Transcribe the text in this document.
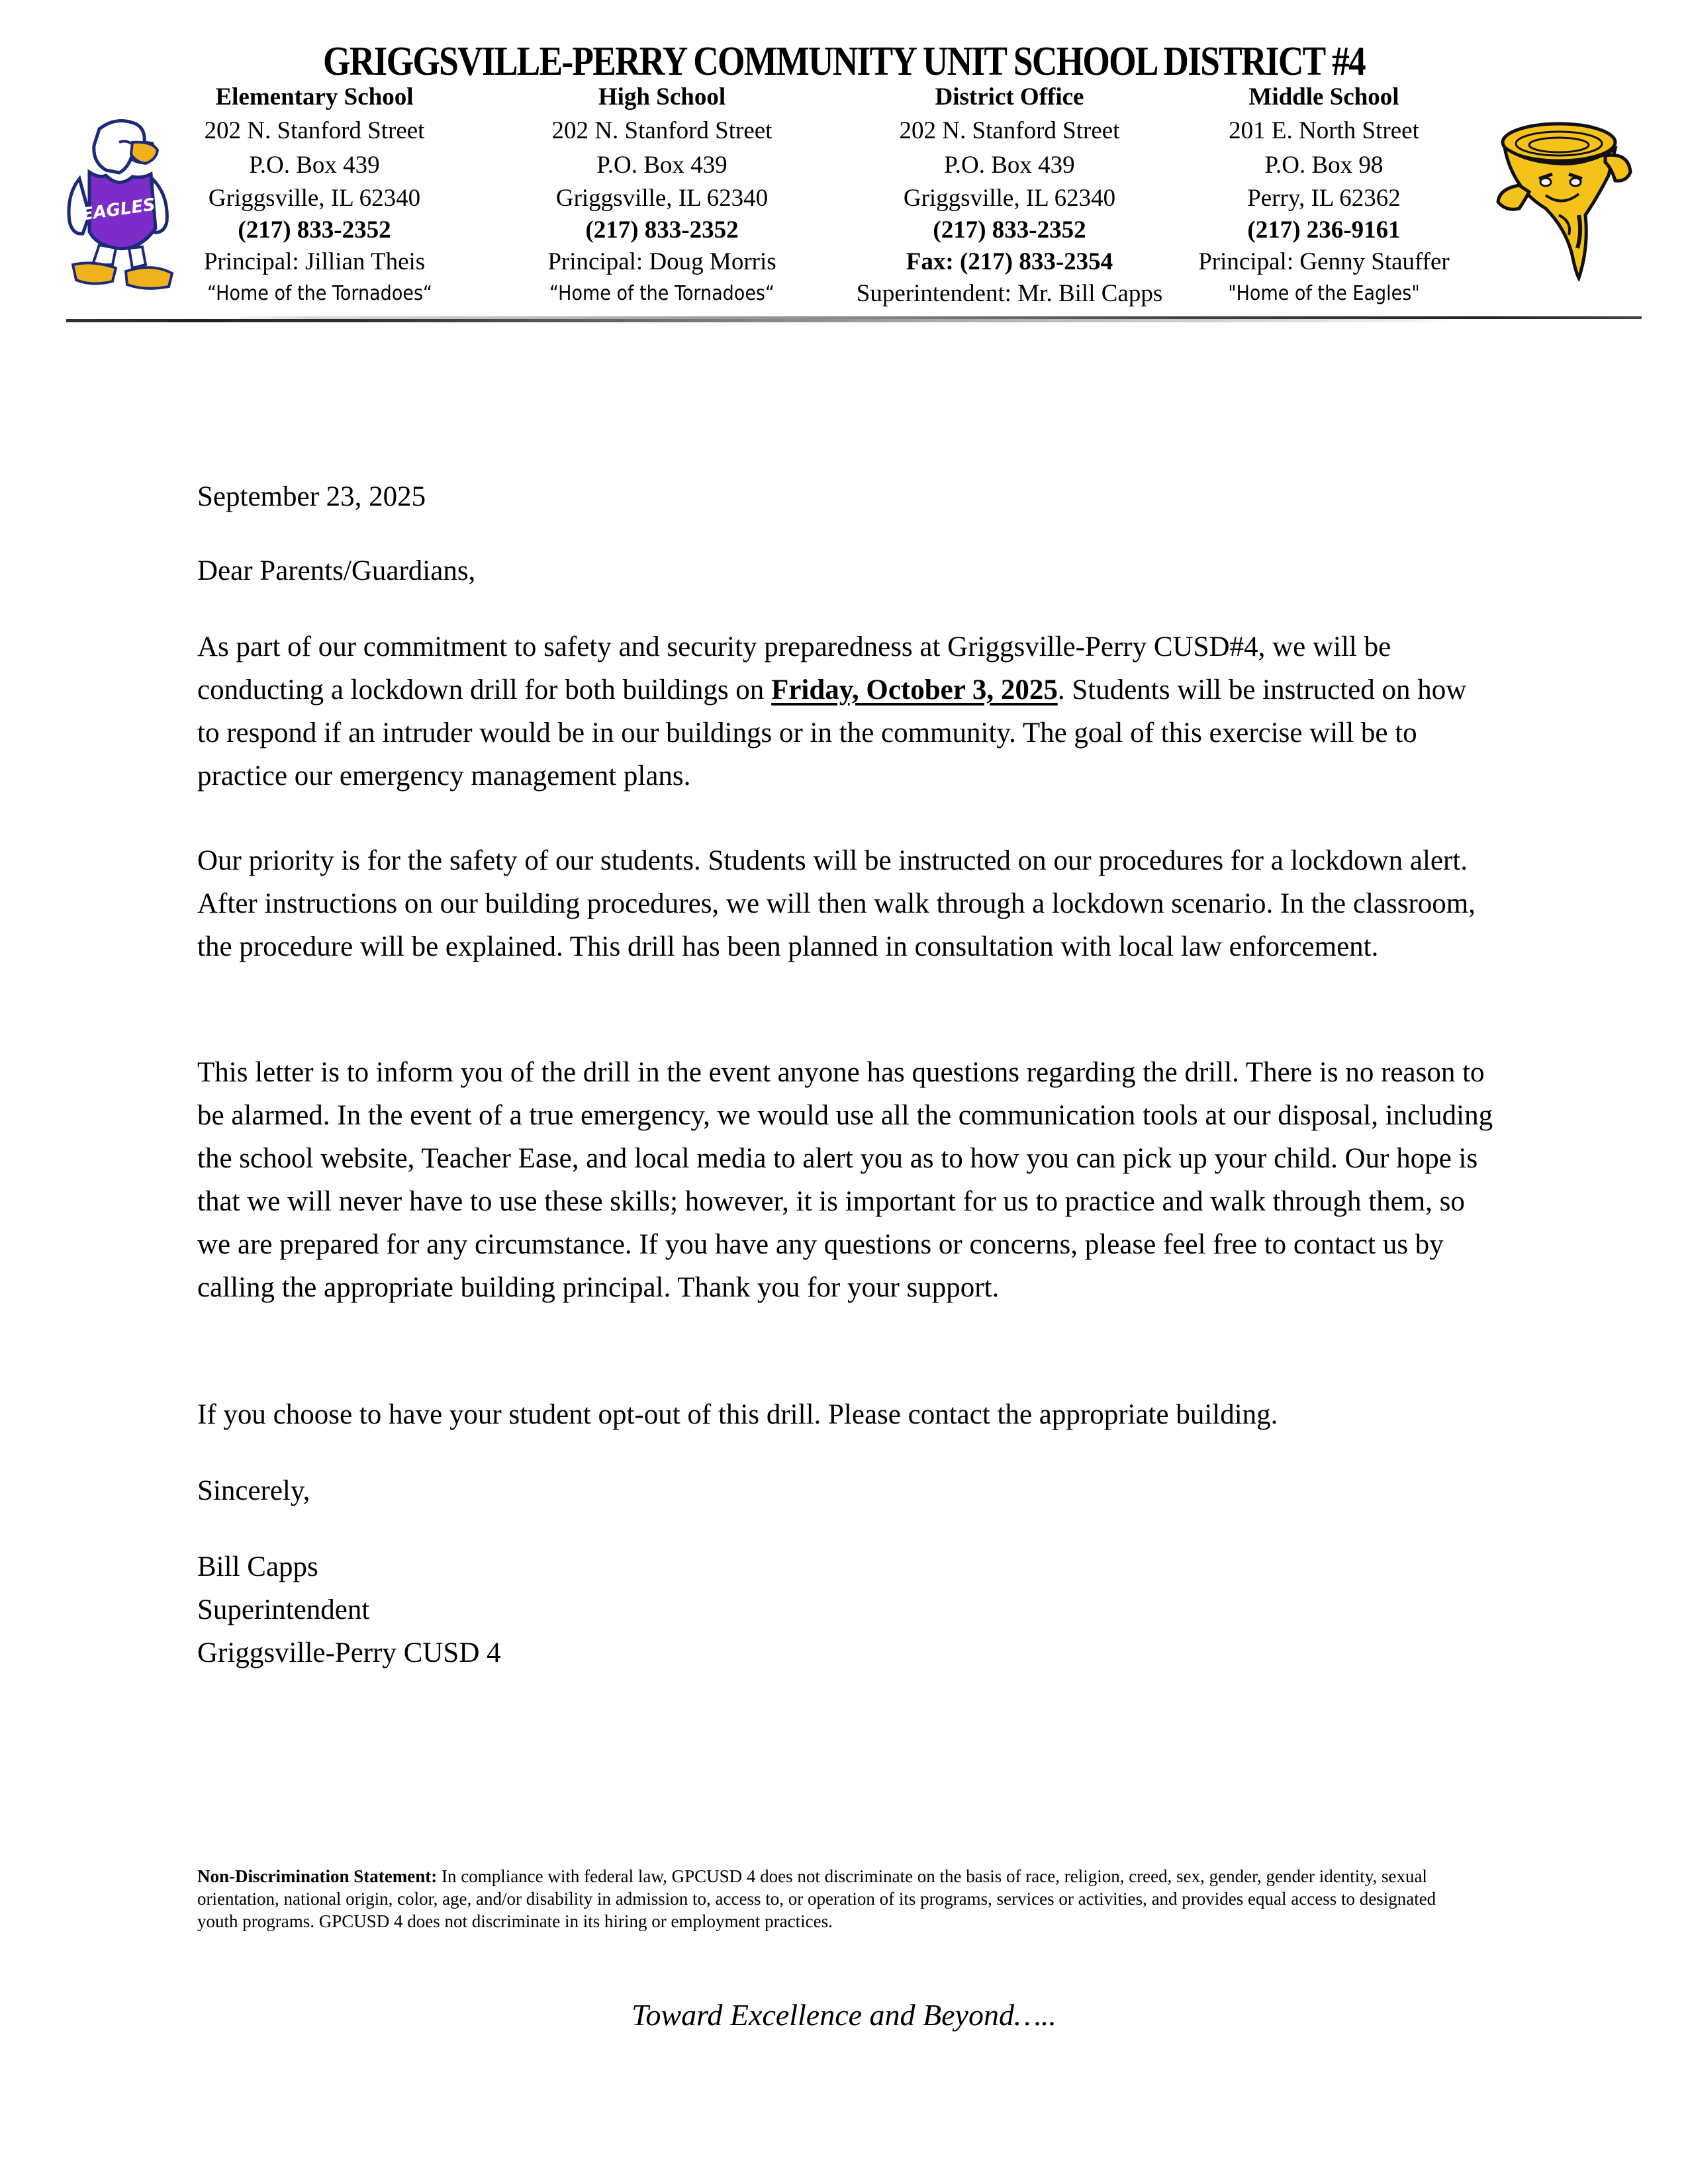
GRIGGSVILLE-PERRY COMMUNITY UNIT SCHOOL DISTRICT #4
EAGLES
Elementary School
202 N. Stanford Street
P.O. Box 439
Griggsville, IL 62340
(217) 833-2352
Principal: Jillian Theis
“Home of the Tornadoes“
High School
202 N. Stanford Street
P.O. Box 439
Griggsville, IL 62340
(217) 833-2352
Principal: Doug Morris
“Home of the Tornadoes“
District Office
202 N. Stanford Street
P.O. Box 439
Griggsville, IL 62340
(217) 833-2352
Fax: (217) 833-2354
Superintendent: Mr. Bill Capps
Middle School
201 E. North Street
P.O. Box 98
Perry, IL 62362
(217) 236-9161
Principal: Genny Stauffer
"Home of the Eagles"
September 23, 2025
Dear Parents/Guardians,

As part of our commitment to safety and security preparedness at Griggsville-Perry CUSD#4, we will be conducting a lockdown drill for both buildings on Friday, October 3, 2025. Students will be instructed on how to respond if an intruder would be in our buildings or in the community. The goal of this exercise will be to practice our emergency management plans.

Our priority is for the safety of our students. Students will be instructed on our procedures for a lockdown alert. After instructions on our building procedures, we will then walk through a lockdown scenario. In the classroom, the procedure will be explained. This drill has been planned in consultation with local law enforcement.

This letter is to inform you of the drill in the event anyone has questions regarding the drill. There is no reason to be alarmed. In the event of a true emergency, we would use all the communication tools at our disposal, including the school website, Teacher Ease, and local media to alert you as to how you can pick up your child. Our hope is that we will never have to use these skills; however, it is important for us to practice and walk through them, so we are prepared for any circumstance. If you have any questions or concerns, please feel free to contact us by calling the appropriate building principal. Thank you for your support.

If you choose to have your student opt-out of this drill. Please contact the appropriate building.

Sincerely,
Bill Capps
Superintendent
Griggsville-Perry CUSD 4
Non-Discrimination Statement: In compliance with federal law, GPCUSD 4 does not discriminate on the basis of race, religion, creed, sex, gender, gender identity, sexual orientation, national origin, color, age, and/or disability in admission to, access to, or operation of its programs, services or activities, and provides equal access to designated youth programs. GPCUSD 4 does not discriminate in its hiring or employment practices.
Toward Excellence and Beyond…..
